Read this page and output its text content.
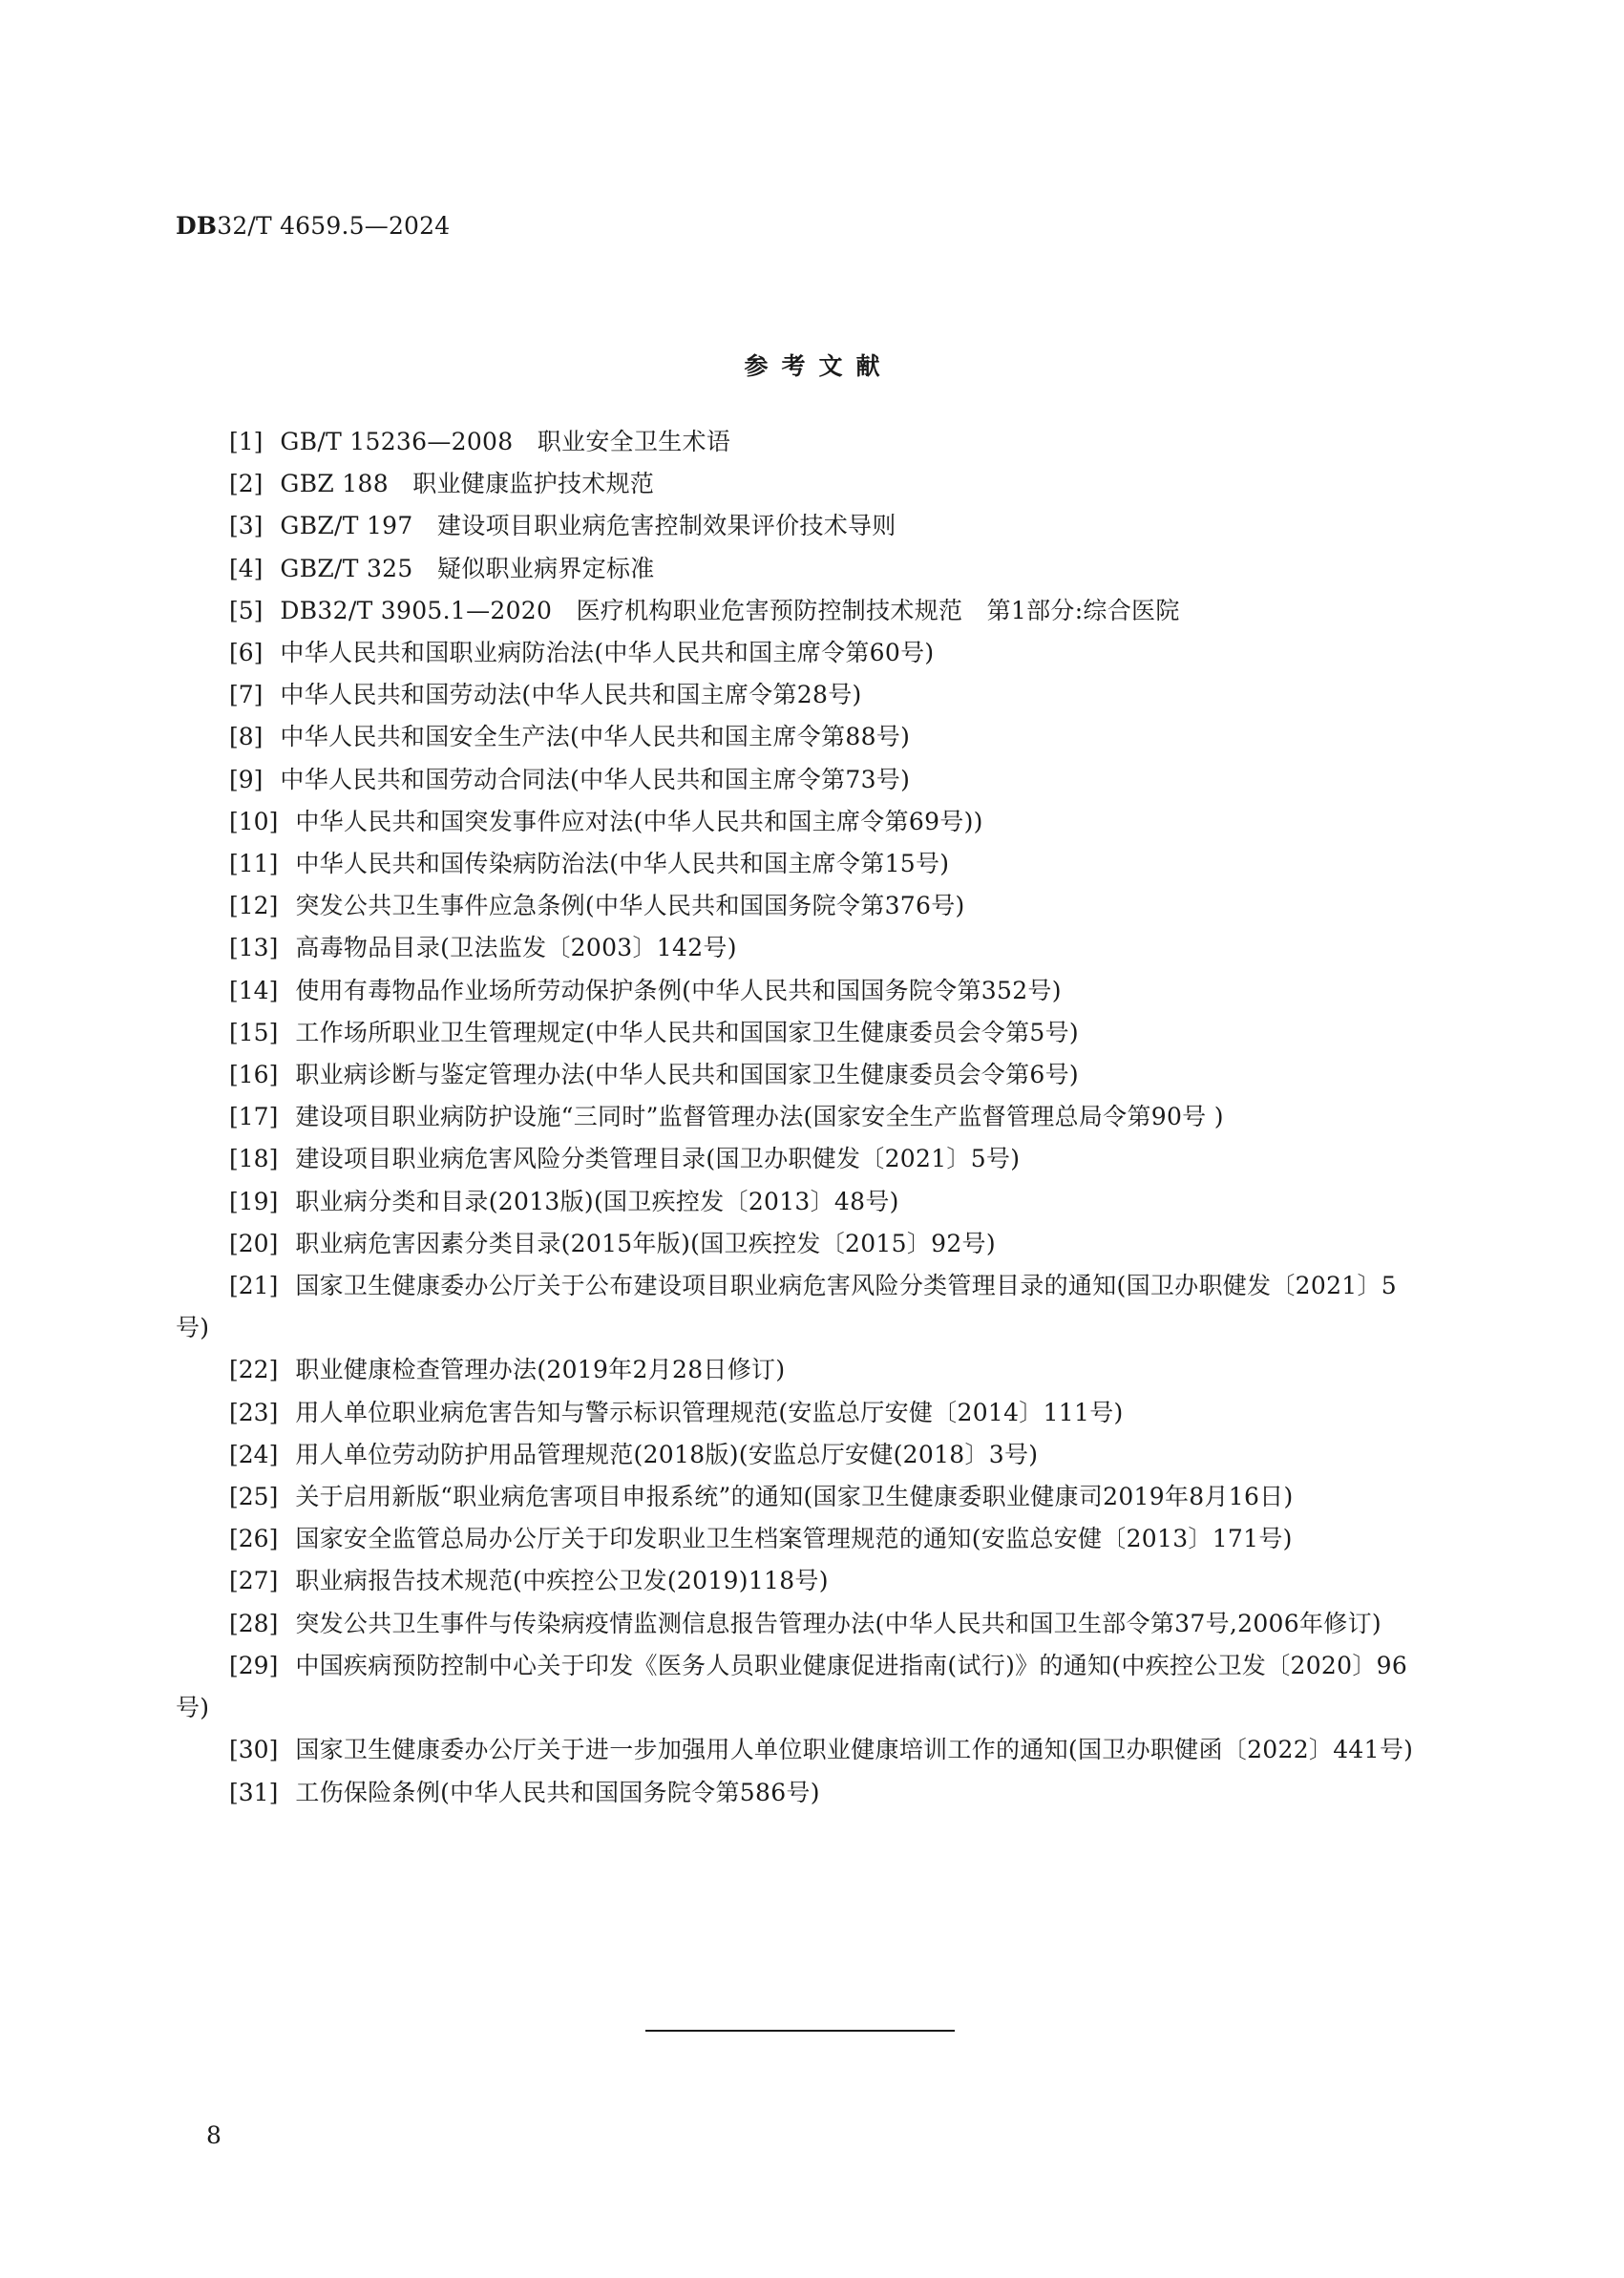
DB32/T 4659.5—2024
参考文献
[1] GB/T 15236—2008　职业安全卫生术语
[2] GBZ 188　职业健康监护技术规范
[3] GBZ/T 197　建设项目职业病危害控制效果评价技术导则
[4] GBZ/T 325　疑似职业病界定标准
[5] DB32/T 3905.1—2020　医疗机构职业危害预防控制技术规范　第1部分:综合医院
[6] 中华人民共和国职业病防治法(中华人民共和国主席令第60号)
[7] 中华人民共和国劳动法(中华人民共和国主席令第28号)
[8] 中华人民共和国安全生产法(中华人民共和国主席令第88号)
[9] 中华人民共和国劳动合同法(中华人民共和国主席令第73号)
[10] 中华人民共和国突发事件应对法(中华人民共和国主席令第69号))
[11] 中华人民共和国传染病防治法(中华人民共和国主席令第15号)
[12] 突发公共卫生事件应急条例(中华人民共和国国务院令第376号)
[13] 高毒物品目录(卫法监发〔2003〕142号)
[14] 使用有毒物品作业场所劳动保护条例(中华人民共和国国务院令第352号)
[15] 工作场所职业卫生管理规定(中华人民共和国国家卫生健康委员会令第5号)
[16] 职业病诊断与鉴定管理办法(中华人民共和国国家卫生健康委员会令第6号)
[17] 建设项目职业病防护设施“三同时”监督管理办法(国家安全生产监督管理总局令第90号 )
[18] 建设项目职业病危害风险分类管理目录(国卫办职健发〔2021〕5号)
[19] 职业病分类和目录(2013版)(国卫疾控发〔2013〕48号)
[20] 职业病危害因素分类目录(2015年版)(国卫疾控发〔2015〕92号)
[21] 国家卫生健康委办公厅关于公布建设项目职业病危害风险分类管理目录的通知(国卫办职健发〔2021〕5号)
[22] 职业健康检查管理办法(2019年2月28日修订)
[23] 用人单位职业病危害告知与警示标识管理规范(安监总厅安健〔2014〕111号)
[24] 用人单位劳动防护用品管理规范(2018版)(安监总厅安健(2018〕3号)
[25] 关于启用新版“职业病危害项目申报系统”的通知(国家卫生健康委职业健康司2019年8月16日)
[26] 国家安全监管总局办公厅关于印发职业卫生档案管理规范的通知(安监总安健〔2013〕171号)
[27] 职业病报告技术规范(中疾控公卫发(2019)118号)
[28] 突发公共卫生事件与传染病疫情监测信息报告管理办法(中华人民共和国卫生部令第37号,2006年修订)
[29] 中国疾病预防控制中心关于印发《医务人员职业健康促进指南(试行)》的通知(中疾控公卫发〔2020〕96号)
[30] 国家卫生健康委办公厅关于进一步加强用人单位职业健康培训工作的通知(国卫办职健函〔2022〕441号)
[31] 工伤保险条例(中华人民共和国国务院令第586号)
8
